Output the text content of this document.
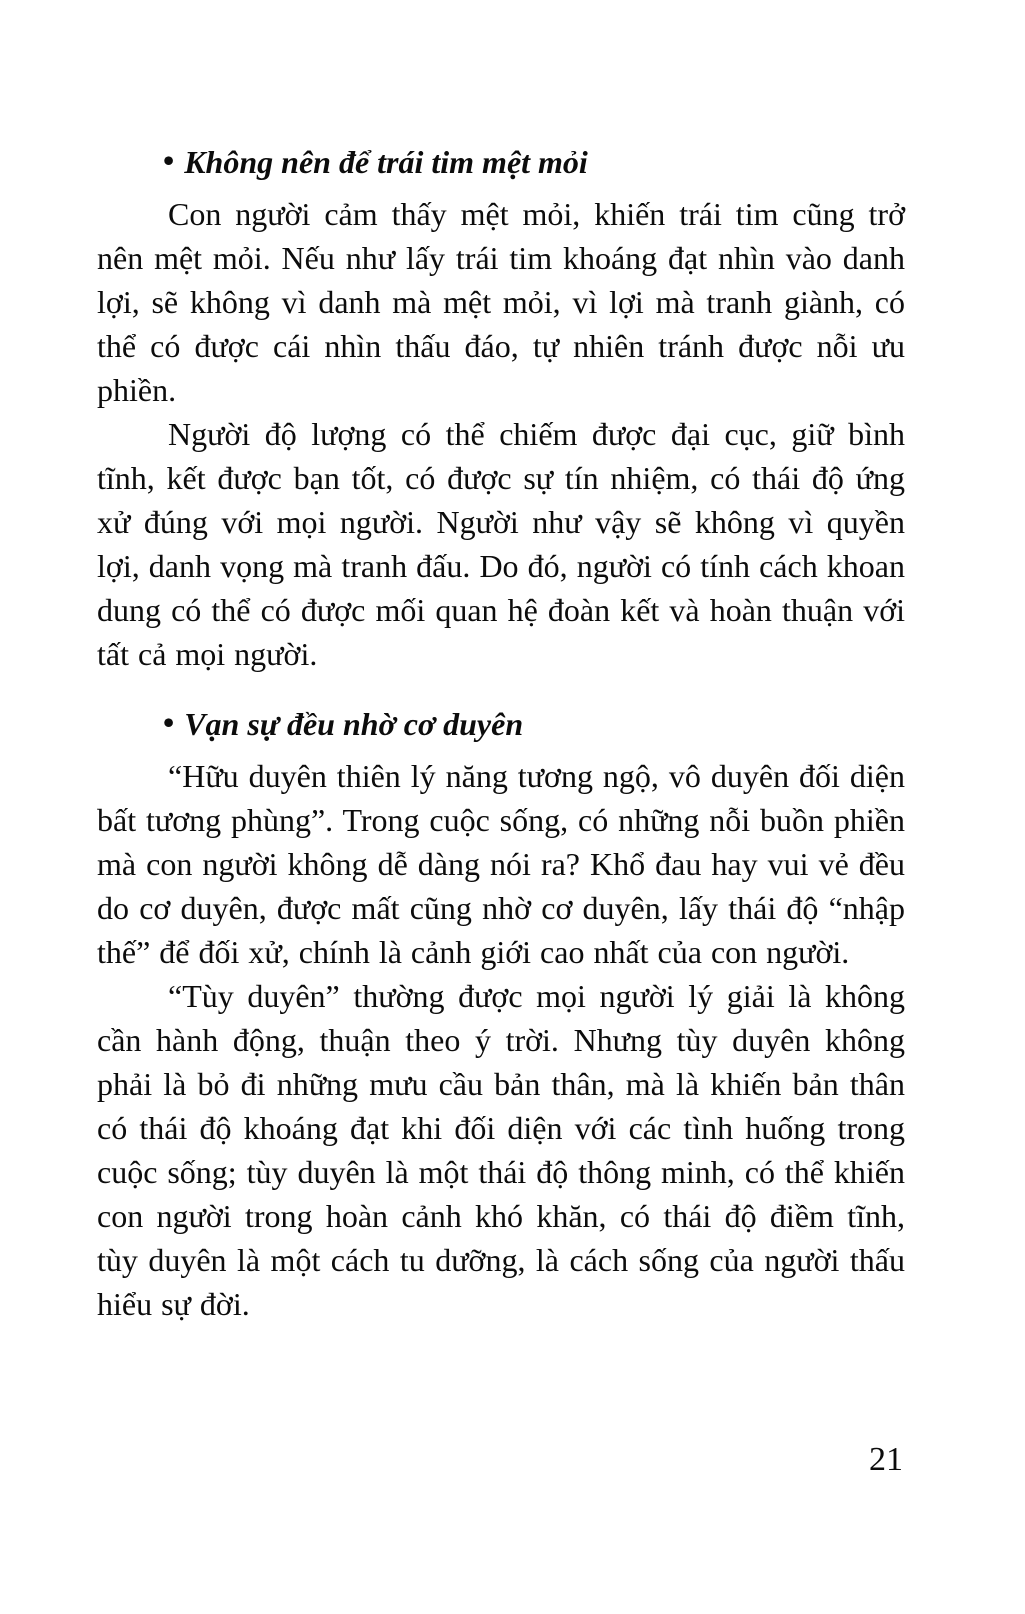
• Không nên để trái tim mệt mỏi

Con người cảm thấy mệt mỏi, khiến trái tim cũng trở nên mệt mỏi. Nếu như lấy trái tim khoáng đạt nhìn vào danh lợi, sẽ không vì danh mà mệt mỏi, vì lợi mà tranh giành, có thể có được cái nhìn thấu đáo, tự nhiên tránh được nỗi ưu phiền.

Người độ lượng có thể chiếm được đại cục, giữ bình tĩnh, kết được bạn tốt, có được sự tín nhiệm, có thái độ ứng xử đúng với mọi người. Người như vậy sẽ không vì quyền lợi, danh vọng mà tranh đấu. Do đó, người có tính cách khoan dung có thể có được mối quan hệ đoàn kết và hoàn thuận với tất cả mọi người.

• Vạn sự đều nhờ cơ duyên

“Hữu duyên thiên lý năng tương ngộ, vô duyên đối diện bất tương phùng”. Trong cuộc sống, có những nỗi buồn phiền mà con người không dễ dàng nói ra? Khổ đau hay vui vẻ đều do cơ duyên, được mất cũng nhờ cơ duyên, lấy thái độ “nhập thế” để đối xử, chính là cảnh giới cao nhất của con người.

“Tùy duyên” thường được mọi người lý giải là không cần hành động, thuận theo ý trời. Nhưng tùy duyên không phải là bỏ đi những mưu cầu bản thân, mà là khiến bản thân có thái độ khoáng đạt khi đối diện với các tình huống trong cuộc sống; tùy duyên là một thái độ thông minh, có thể khiến con người trong hoàn cảnh khó khăn, có thái độ điềm tĩnh, tùy duyên là một cách tu dưỡng, là cách sống của người thấu hiểu sự đời.

21
